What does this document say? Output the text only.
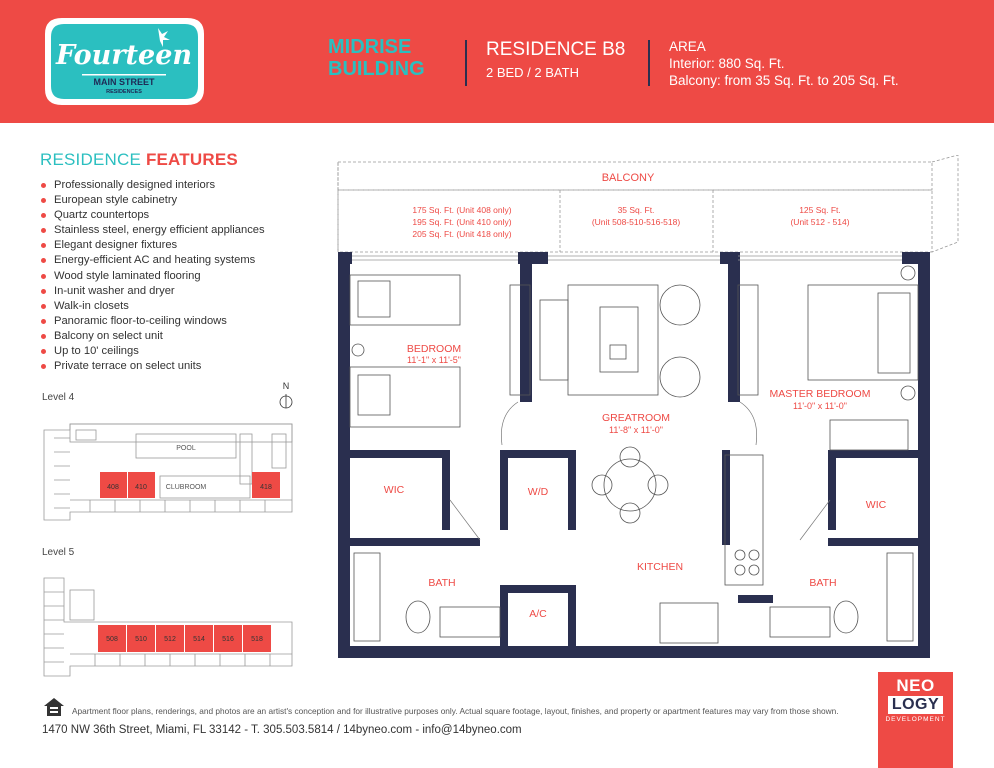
Fourteen
MAIN STREET
RESIDENCES
MIDRISE BUILDING
RESIDENCE B8
2 BED / 2 BATH
AREA
Interior: 880 Sq. Ft.
Balcony: from 35 Sq. Ft. to 205 Sq. Ft.
RESIDENCE FEATURES
Professionally designed interiors
European style cabinetry
Quartz countertops
Stainless steel, energy efficient appliances
Elegant designer fixtures
Energy-efficient AC and heating systems
Wood style laminated flooring
In-unit washer and dryer
Walk-in closets
Panoramic floor-to-ceiling windows
Balcony on select unit
Up to 10' ceilings
Private terrace on select units
Level 4
Level 5
N
POOL
CLUBROOM
408 410	418
508 510 512 514 516 518
BALCONY
175 Sq. Ft. (Unit 408 only)
195 Sq. Ft. (Unit 410 only)
205 Sq. Ft. (Unit 418 only)
35 Sq. Ft.
(Unit 508-510-516-518)
125 Sq. Ft.
(Unit 512 - 514)
BEDROOM
11'-1" x 11'-5"
GREATROOM
11'-8" x 11'-0"
MASTER BEDROOM
11'-0" x 11'-0"
WIC
WIC
W/D
A/C
BATH	BATH
KITCHEN
Apartment floor plans, renderings, and photos are an artist's conception and for illustrative purposes only. Actual square footage, layout, finishes, and property or apartment features may vary from those shown.
1470 NW 36th Street, Miami, FL 33142 - T. 305.503.5814 / 14byneo.com - info@14byneo.com
NEO
LOGY
DEVELOPMENT
